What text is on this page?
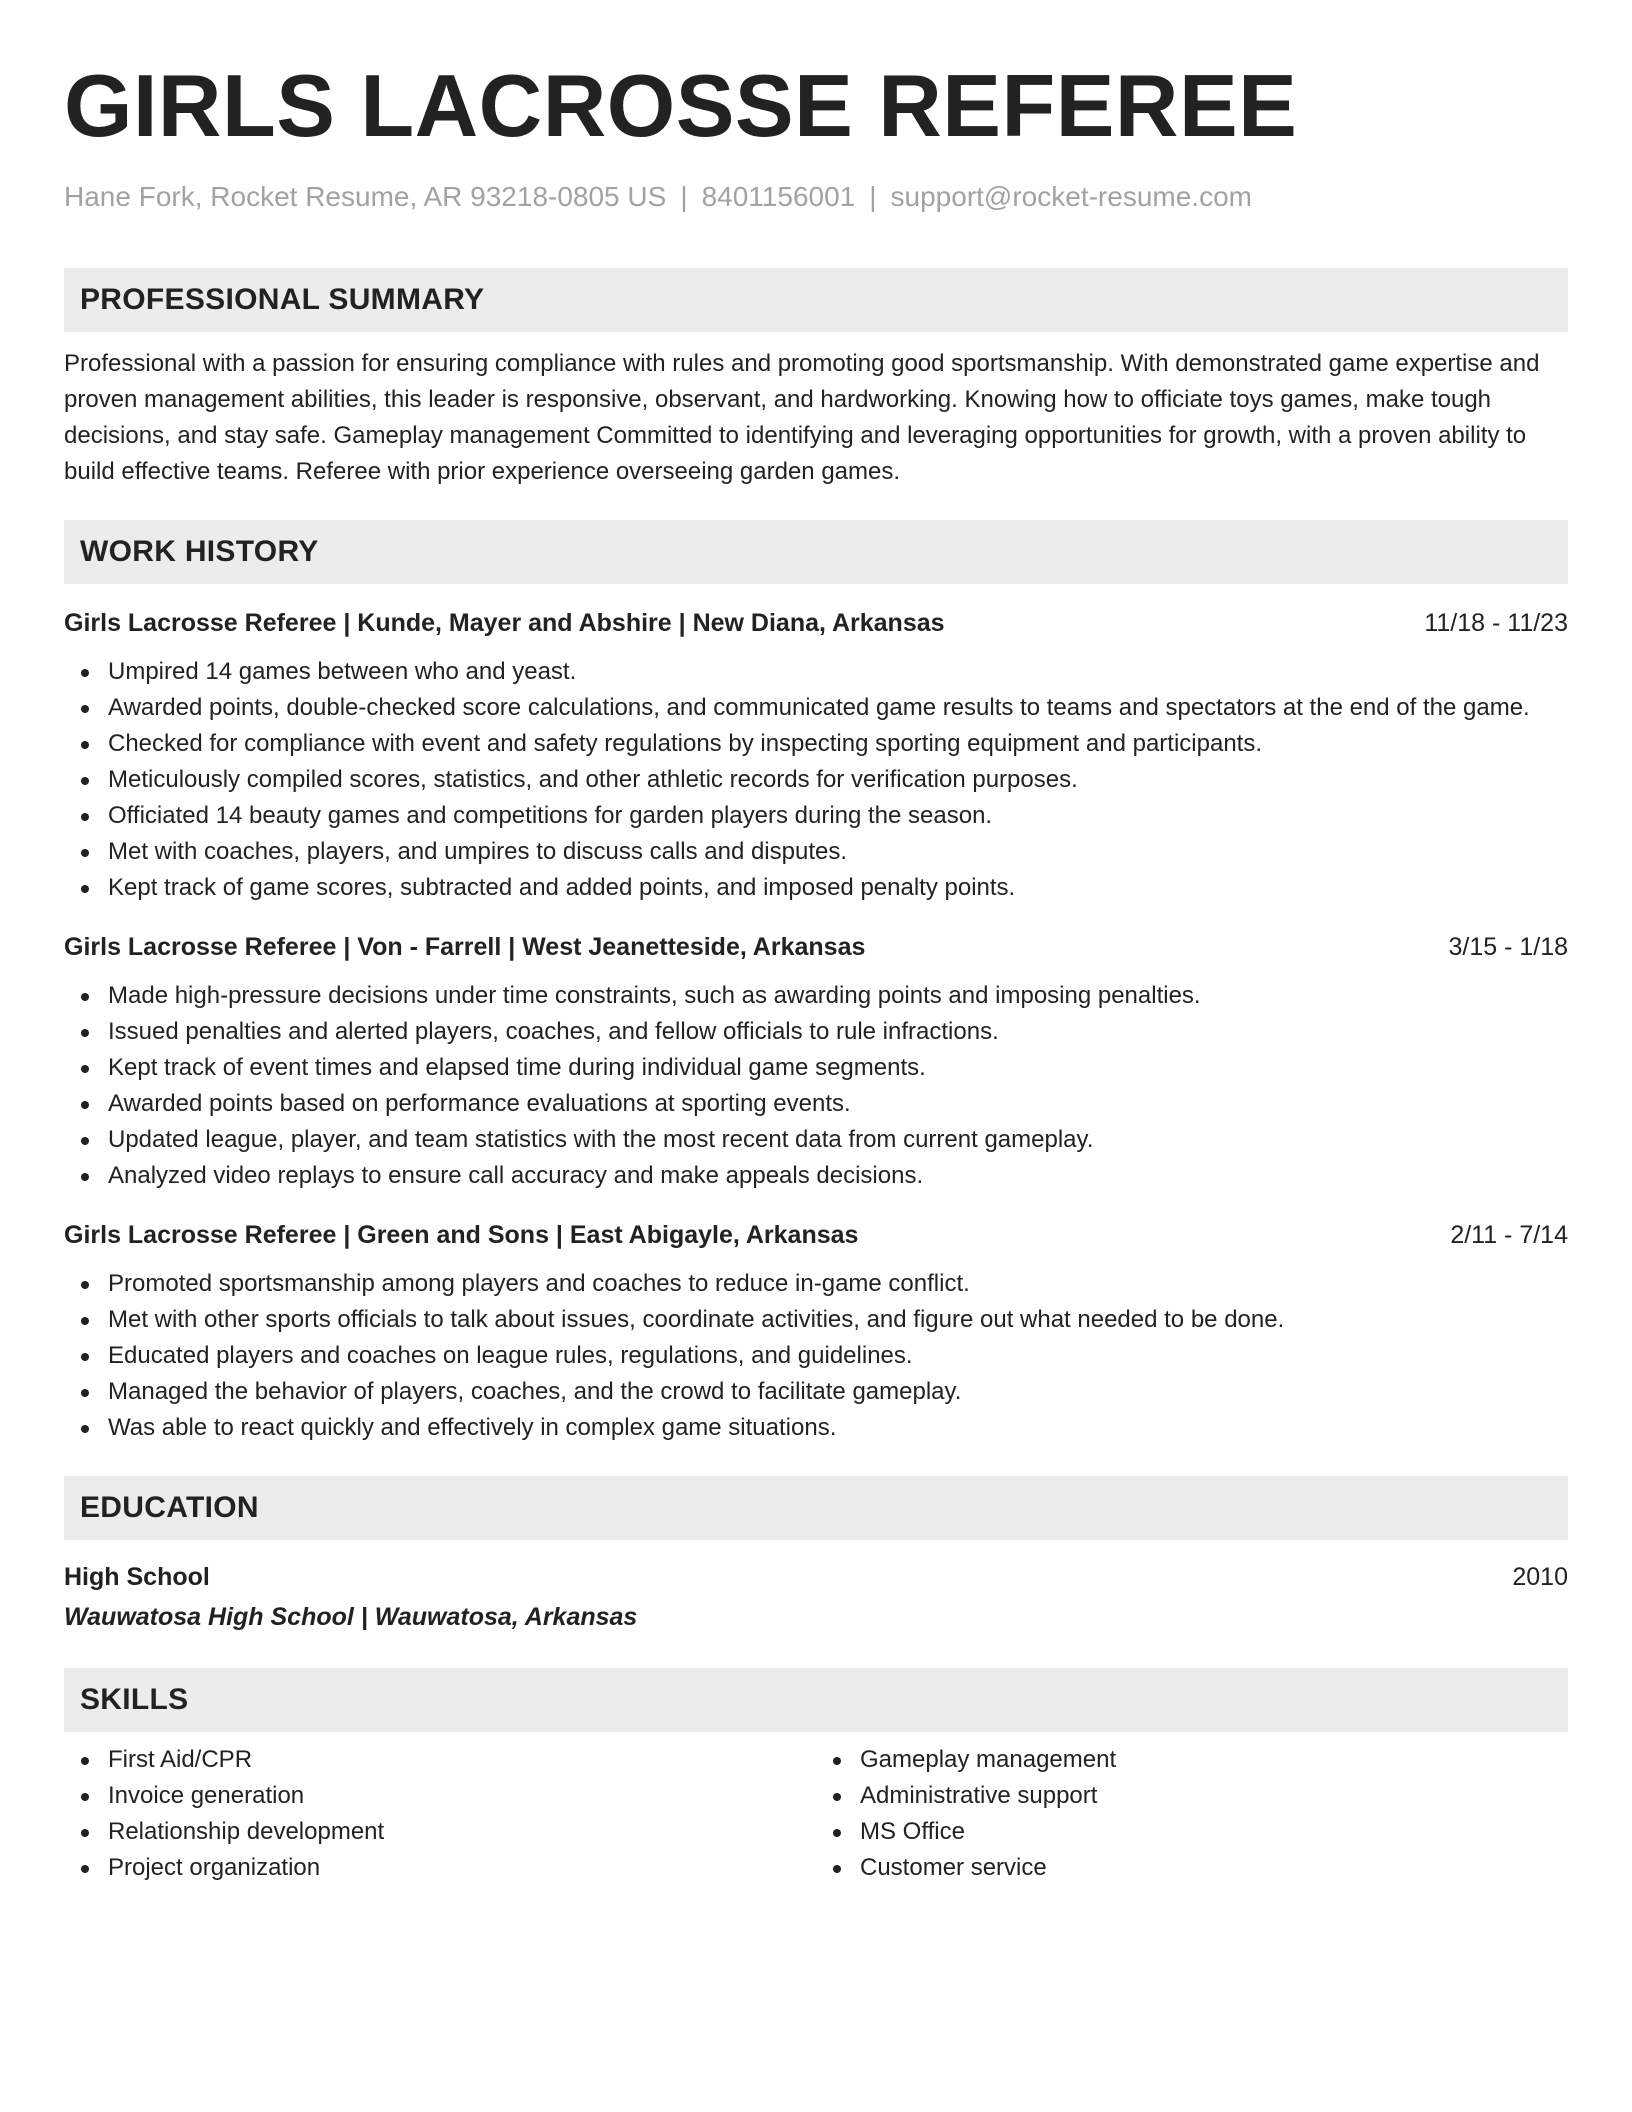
GIRLS LACROSSE REFEREE
Hane Fork, Rocket Resume, AR 93218-0805 US | 8401156001 | support@rocket-resume.com
PROFESSIONAL SUMMARY
Professional with a passion for ensuring compliance with rules and promoting good sportsmanship. With demonstrated game expertise and proven management abilities, this leader is responsive, observant, and hardworking. Knowing how to officiate toys games, make tough decisions, and stay safe. Gameplay management Committed to identifying and leveraging opportunities for growth, with a proven ability to build effective teams. Referee with prior experience overseeing garden games.
WORK HISTORY
Girls Lacrosse Referee | Kunde, Mayer and Abshire | New Diana, Arkansas	11/18 - 11/23
Umpired 14 games between who and yeast.
Awarded points, double-checked score calculations, and communicated game results to teams and spectators at the end of the game.
Checked for compliance with event and safety regulations by inspecting sporting equipment and participants.
Meticulously compiled scores, statistics, and other athletic records for verification purposes.
Officiated 14 beauty games and competitions for garden players during the season.
Met with coaches, players, and umpires to discuss calls and disputes.
Kept track of game scores, subtracted and added points, and imposed penalty points.
Girls Lacrosse Referee | Von - Farrell | West Jeanetteside, Arkansas	3/15 - 1/18
Made high-pressure decisions under time constraints, such as awarding points and imposing penalties.
Issued penalties and alerted players, coaches, and fellow officials to rule infractions.
Kept track of event times and elapsed time during individual game segments.
Awarded points based on performance evaluations at sporting events.
Updated league, player, and team statistics with the most recent data from current gameplay.
Analyzed video replays to ensure call accuracy and make appeals decisions.
Girls Lacrosse Referee | Green and Sons | East Abigayle, Arkansas	2/11 - 7/14
Promoted sportsmanship among players and coaches to reduce in-game conflict.
Met with other sports officials to talk about issues, coordinate activities, and figure out what needed to be done.
Educated players and coaches on league rules, regulations, and guidelines.
Managed the behavior of players, coaches, and the crowd to facilitate gameplay.
Was able to react quickly and effectively in complex game situations.
EDUCATION
High School	2010
Wauwatosa High School | Wauwatosa, Arkansas
SKILLS
First Aid/CPR
Invoice generation
Relationship development
Project organization
Gameplay management
Administrative support
MS Office
Customer service
